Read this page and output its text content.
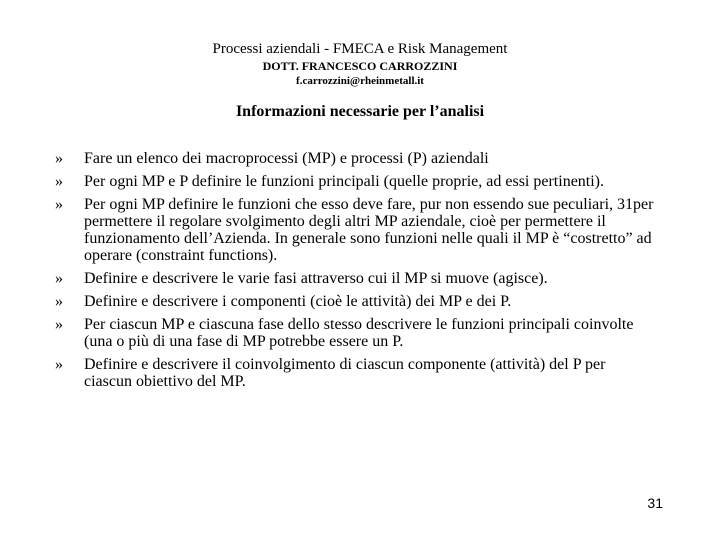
Processi aziendali - FMECA e Risk Management
DOTT. FRANCESCO CARROZZINI
f.carrozzini@rheinmetall.it
Informazioni necessarie per l’analisi
»	Fare un elenco dei macroprocessi (MP) e processi (P) aziendali
»	Per ogni MP e P definire le funzioni principali (quelle proprie, ad essi pertinenti).
»	Per ogni MP definire le funzioni che esso deve fare, pur non essendo sue peculiari, 31per permettere il regolare svolgimento degli altri MP aziendale, cioè per permettere il funzionamento dell’Azienda. In generale sono funzioni nelle quali il MP è “costretto” ad operare (constraint functions).
»	Definire e descrivere le varie fasi attraverso cui il MP si muove (agisce).
»	Definire e descrivere i componenti (cioè le attività) dei MP e dei P.
»	Per ciascun MP e ciascuna fase dello stesso descrivere le funzioni principali coinvolte (una o più di una fase di MP potrebbe essere un P.
»	Definire e descrivere il coinvolgimento di ciascun componente (attività) del P per ciascun obiettivo del MP.
31
